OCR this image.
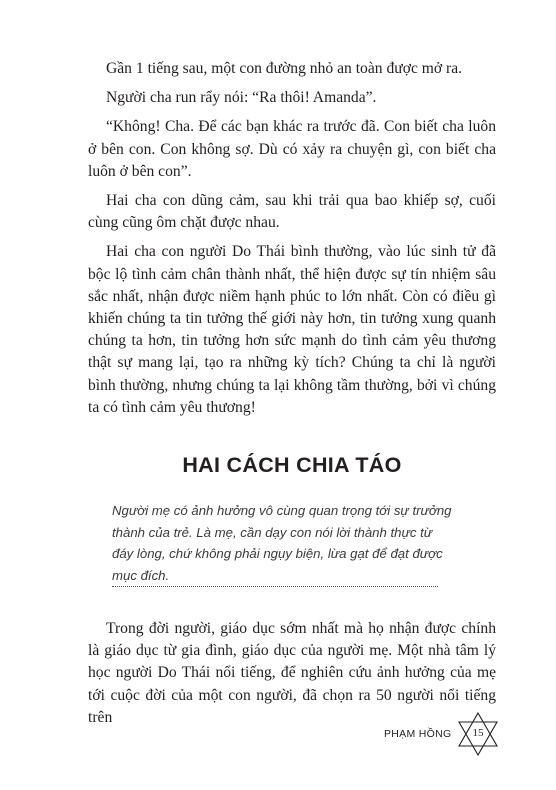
Gần 1 tiếng sau, một con đường nhỏ an toàn được mở ra.

Người cha run rẩy nói: “Ra thôi! Amanda”.

“Không! Cha. Để các bạn khác ra trước đã. Con biết cha luôn ở bên con. Con không sợ. Dù có xảy ra chuyện gì, con biết cha luôn ở bên con”.

Hai cha con dũng cảm, sau khi trải qua bao khiếp sợ, cuối cùng cũng ôm chặt được nhau.

Hai cha con người Do Thái bình thường, vào lúc sinh tử đã bộc lộ tình cảm chân thành nhất, thể hiện được sự tín nhiệm sâu sắc nhất, nhận được niềm hạnh phúc to lớn nhất. Còn có điều gì khiến chúng ta tin tưởng thế giới này hơn, tin tưởng xung quanh chúng ta hơn, tin tưởng hơn sức mạnh do tình cảm yêu thương thật sự mang lại, tạo ra những kỳ tích? Chúng ta chỉ là người bình thường, nhưng chúng ta lại không tầm thường, bởi vì chúng ta có tình cảm yêu thương!

HAI CÁCH CHIA TÁO
Người mẹ có ảnh hưởng vô cùng quan trọng tới sự trưởng thành của trẻ. Là mẹ, cần dạy con nói lời thành thực từ đáy lòng, chứ không phải ngụy biện, lừa gạt để đạt được mục đích.

Trong đời người, giáo dục sớm nhất mà họ nhận được chính là giáo dục từ gia đình, giáo dục của người mẹ. Một nhà tâm lý học người Do Thái nổi tiếng, để nghiên cứu ảnh hưởng của mẹ tới cuộc đời của một con người, đã chọn ra 50 người nổi tiếng trên

PHẠM HỒNG	15
